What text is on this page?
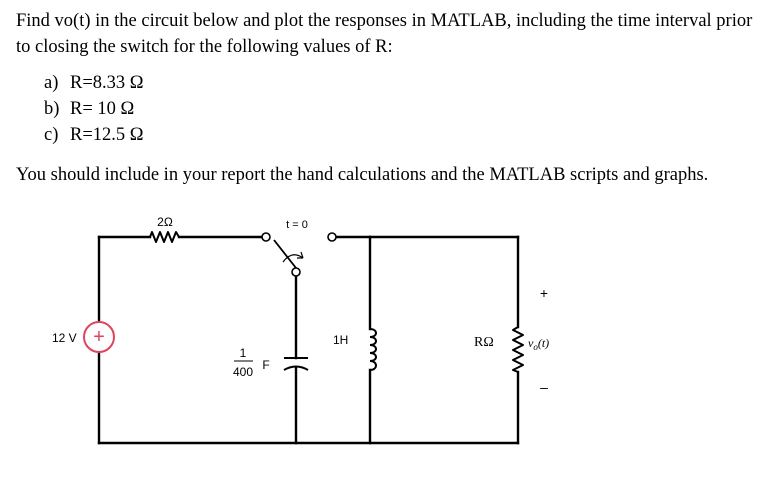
Find vo(t) in the circuit below and plot the responses in MATLAB, including the time interval prior to closing the switch for the following values of R:

a) R=8.33 Ω
b) R= 10 Ω
c) R=12.5 Ω

You should include in your report the hand calculations and the MATLAB scripts and graphs.

+
12 V
1
400 F
1H	RΩ
+
$v_o(t)$
–
2Ω	t = 0
